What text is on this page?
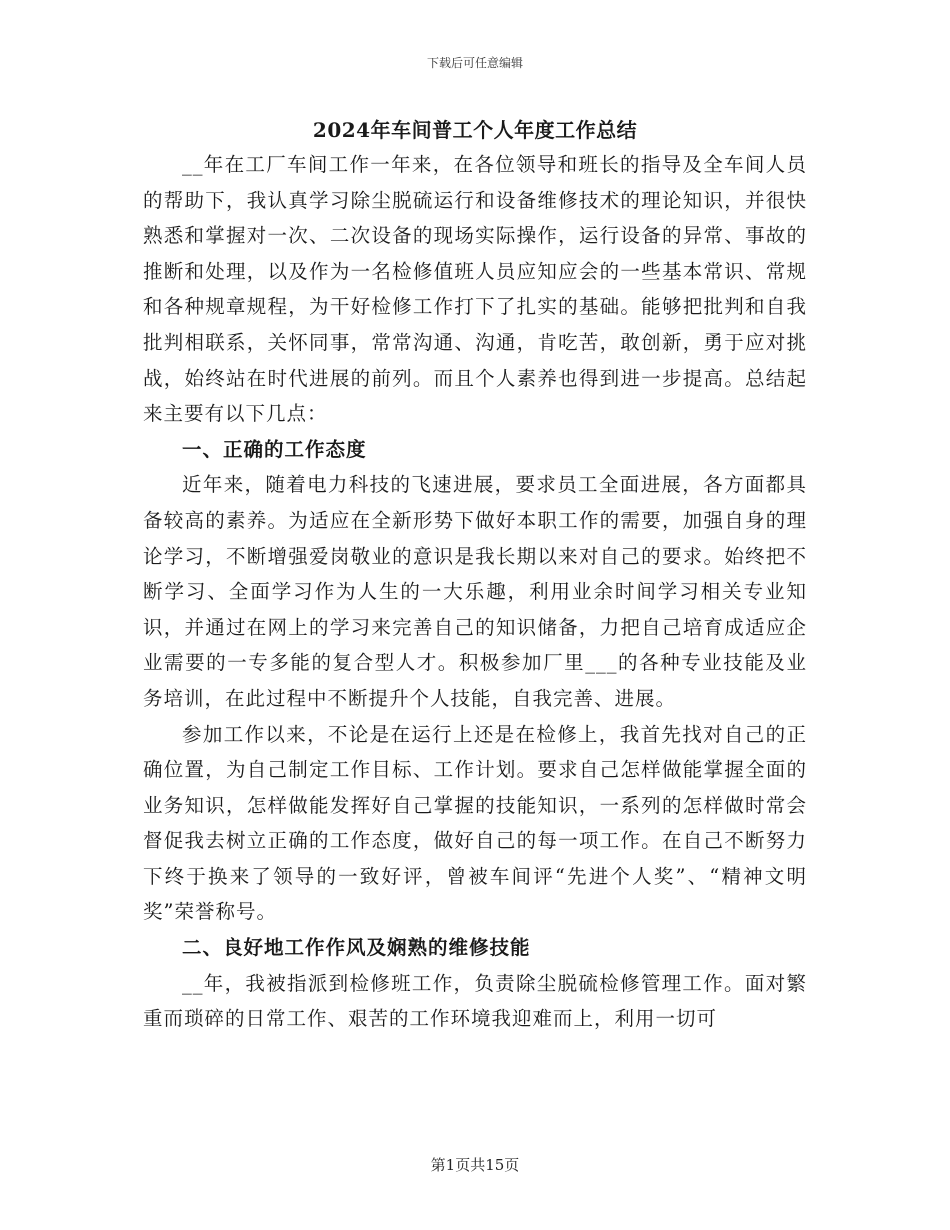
下载后可任意编辑
2024年车间普工个人年度工作总结

__年在工厂车间工作一年来，在各位领导和班长的指导及全车间人员的帮助下，我认真学习除尘脱硫运行和设备维修技术的理论知识，并很快熟悉和掌握对一次、二次设备的现场实际操作，运行设备的异常、事故的推断和处理，以及作为一名检修值班人员应知应会的一些基本常识、常规和各种规章规程，为干好检修工作打下了扎实的基础。能够把批判和自我批判相联系，关怀同事，常常沟通、沟通，肯吃苦，敢创新，勇于应对挑战，始终站在时代进展的前列。而且个人素养也得到进一步提高。总结起来主要有以下几点：

一、正确的工作态度

近年来，随着电力科技的飞速进展，要求员工全面进展，各方面都具备较高的素养。为适应在全新形势下做好本职工作的需要，加强自身的理论学习，不断增强爱岗敬业的意识是我长期以来对自己的要求。始终把不断学习、全面学习作为人生的一大乐趣，利用业余时间学习相关专业知识，并通过在网上的学习来完善自己的知识储备，力把自己培育成适应企业需要的一专多能的复合型人才。积极参加厂里___的各种专业技能及业务培训，在此过程中不断提升个人技能，自我完善、进展。

参加工作以来，不论是在运行上还是在检修上，我首先找对自己的正确位置，为自己制定工作目标、工作计划。要求自己怎样做能掌握全面的业务知识，怎样做能发挥好自己掌握的技能知识，一系列的怎样做时常会督促我去树立正确的工作态度，做好自己的每一项工作。在自己不断努力下终于换来了领导的一致好评，曾被车间评“先进个人奖”、“精神文明奖”荣誉称号。

二、良好地工作作风及娴熟的维修技能

__年，我被指派到检修班工作，负责除尘脱硫检修管理工作。面对繁重而琐碎的日常工作、艰苦的工作环境我迎难而上，利用一切可

第1页共15页
